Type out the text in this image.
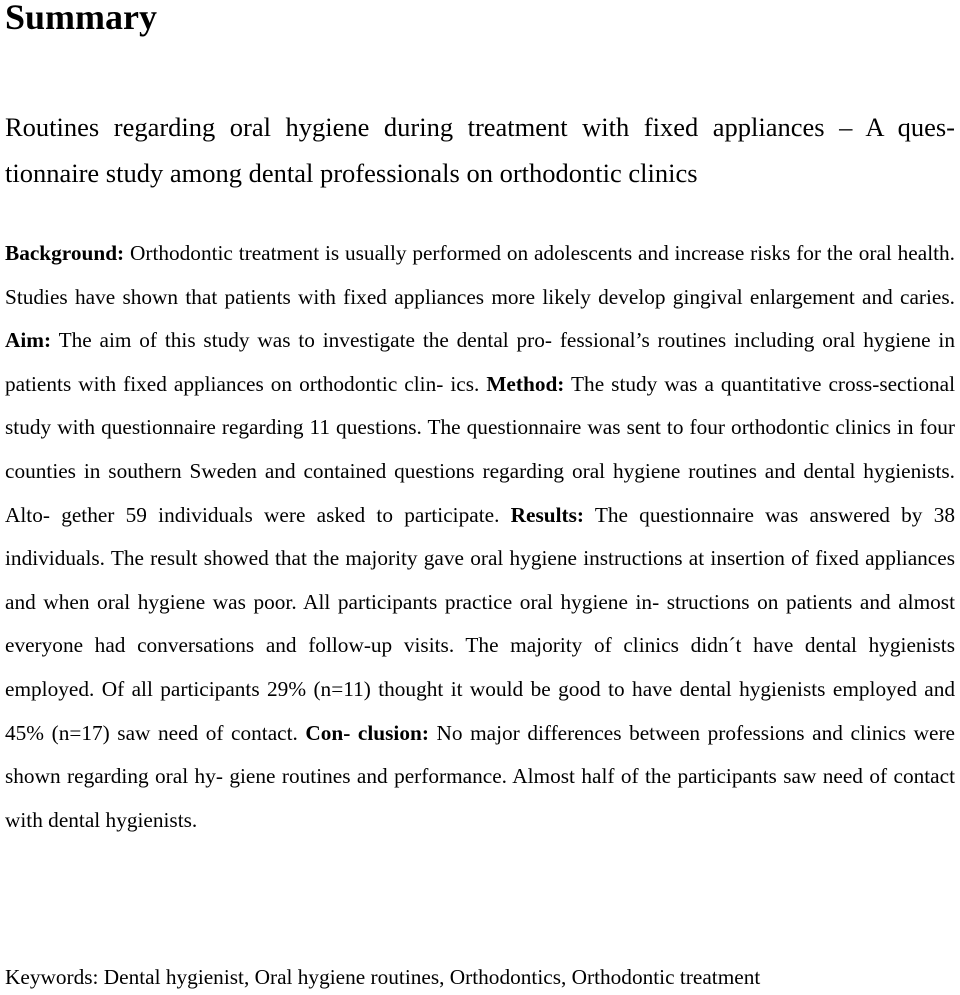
Summary

Routines regarding oral hygiene during treatment with fixed appliances – A ques- tionnaire study among dental professionals on orthodontic clinics

Background: Orthodontic treatment is usually performed on adolescents and increase risks for the oral health. Studies have shown that patients with fixed appliances more likely develop gingival enlargement and caries. Aim: The aim of this study was to investigate the dental pro- fessional’s routines including oral hygiene in patients with fixed appliances on orthodontic clin- ics. Method: The study was a quantitative cross-sectional study with questionnaire regarding 11 questions. The questionnaire was sent to four orthodontic clinics in four counties in southern Sweden and contained questions regarding oral hygiene routines and dental hygienists. Alto- gether 59 individuals were asked to participate. Results: The questionnaire was answered by 38 individuals. The result showed that the majority gave oral hygiene instructions at insertion of fixed appliances and when oral hygiene was poor. All participants practice oral hygiene in- structions on patients and almost everyone had conversations and follow-up visits. The majority of clinics didn´t have dental hygienists employed. Of all participants 29% (n=11) thought it would be good to have dental hygienists employed and 45% (n=17) saw need of contact. Con- clusion: No major differences between professions and clinics were shown regarding oral hy- giene routines and performance. Almost half of the participants saw need of contact with dental hygienists.

Keywords: Dental hygienist, Oral hygiene routines, Orthodontics, Orthodontic treatment
